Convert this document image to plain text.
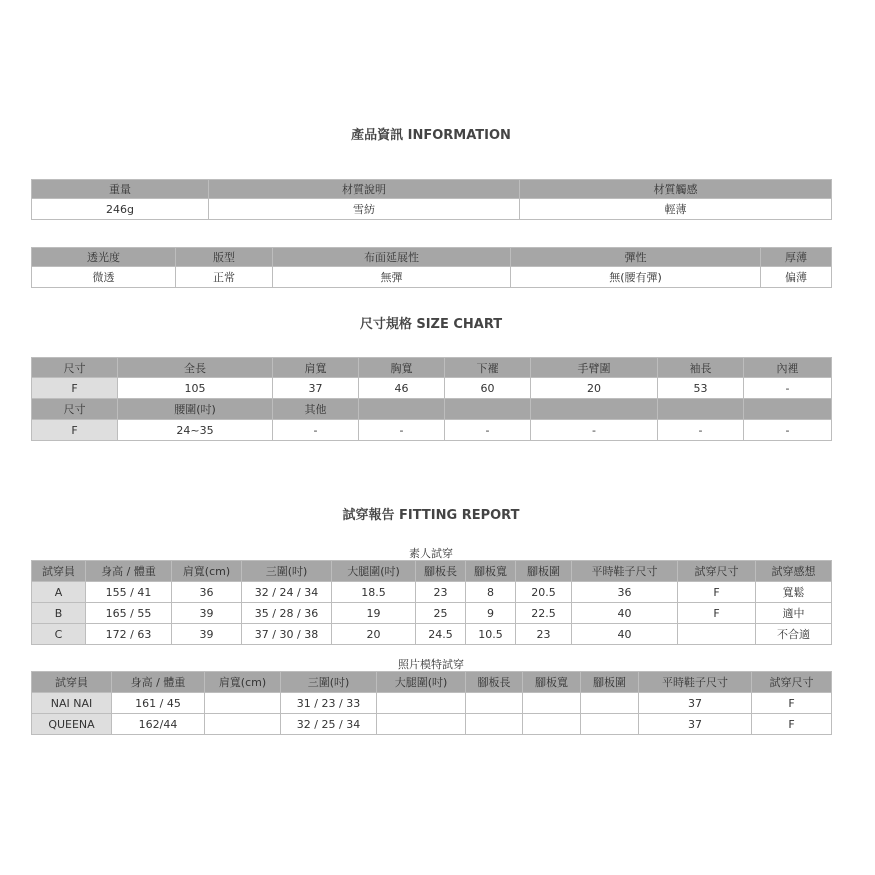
產品資訊 INFORMATION
重量	材質說明	材質觸感
246g	雪紡	輕薄
透光度	版型	布面延展性	彈性	厚薄
微透	正常	無彈	無(腰有彈)	偏薄
尺寸規格 SIZE CHART
尺寸	全長	肩寬	胸寬	下襬	手臂圍	袖長	內裡
F	105	37	46	60	20	53	-
尺寸	腰圍(吋)	其他					
F	24~35	-	-	-	-	-	-
試穿報告 FITTING REPORT
素人試穿
試穿員	身高 / 體重	肩寬(cm)	三圍(吋)	大腿圍(吋)	腳板長	腳板寬	腳板圍	平時鞋子尺寸	試穿尺寸	試穿感想
A	155 / 41	36	32 / 24 / 34	18.5	23	8	20.5	36	F	寬鬆
B	165 / 55	39	35 / 28 / 36	19	25	9	22.5	40	F	適中
C	172 / 63	39	37 / 30 / 38	20	24.5	10.5	23	40		不合適
照片模特試穿
試穿員	身高 / 體重	肩寬(cm)	三圍(吋)	大腿圍(吋)	腳板長	腳板寬	腳板圍	平時鞋子尺寸	試穿尺寸
NAI NAI	161 / 45		31 / 23 / 33					37	F
QUEENA	162/44		32 / 25 / 34					37	F
